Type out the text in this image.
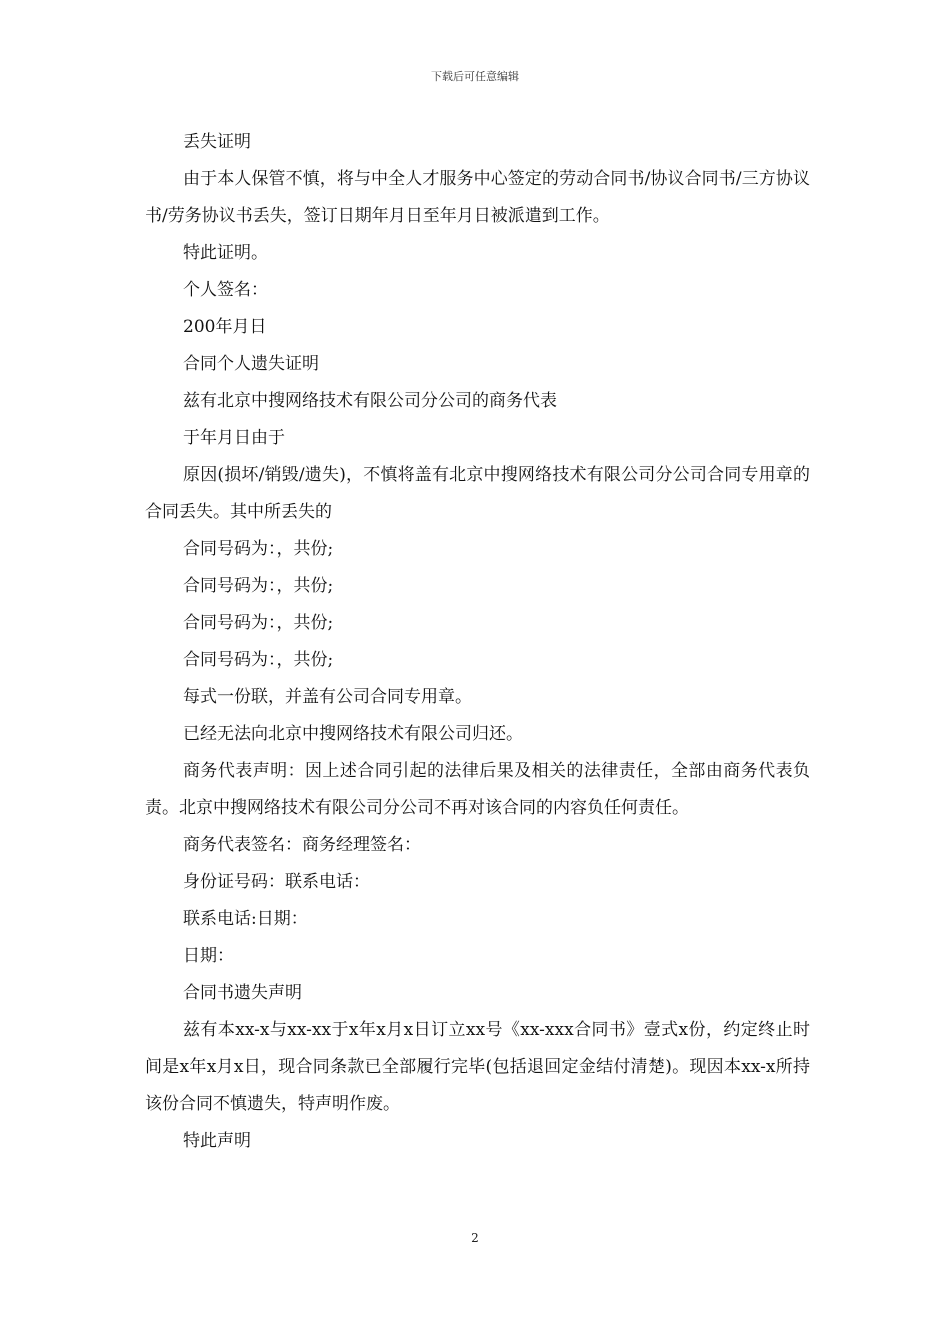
下载后可任意编辑

丢失证明

由于本人保管不慎，将与中全人才服务中心签定的劳动合同书/协议合同书/三方协议书/劳务协议书丢失，签订日期年月日至年月日被派遣到工作。

特此证明。

个人签名：

200年月日

合同个人遗失证明

兹有北京中搜网络技术有限公司分公司的商务代表

于年月日由于

原因(损坏/销毁/遗失)，不慎将盖有北京中搜网络技术有限公司分公司合同专用章的合同丢失。其中所丢失的

合同号码为：，共份;

合同号码为：，共份;

合同号码为：，共份;

合同号码为：，共份;

每式一份联，并盖有公司合同专用章。

已经无法向北京中搜网络技术有限公司归还。

商务代表声明：因上述合同引起的法律后果及相关的法律责任，全部由商务代表负责。北京中搜网络技术有限公司分公司不再对该合同的内容负任何责任。

商务代表签名：商务经理签名：

身份证号码：联系电话：

联系电话:日期：

日期：

合同书遗失声明

兹有本xx-x与xx-xx于x年x月x日订立xx号《xx-xxx合同书》壹式x份，约定终止时间是x年x月x日，现合同条款已全部履行完毕(包括退回定金结付清楚)。现因本xx-x所持该份合同不慎遗失，特声明作废。

特此声明

2
